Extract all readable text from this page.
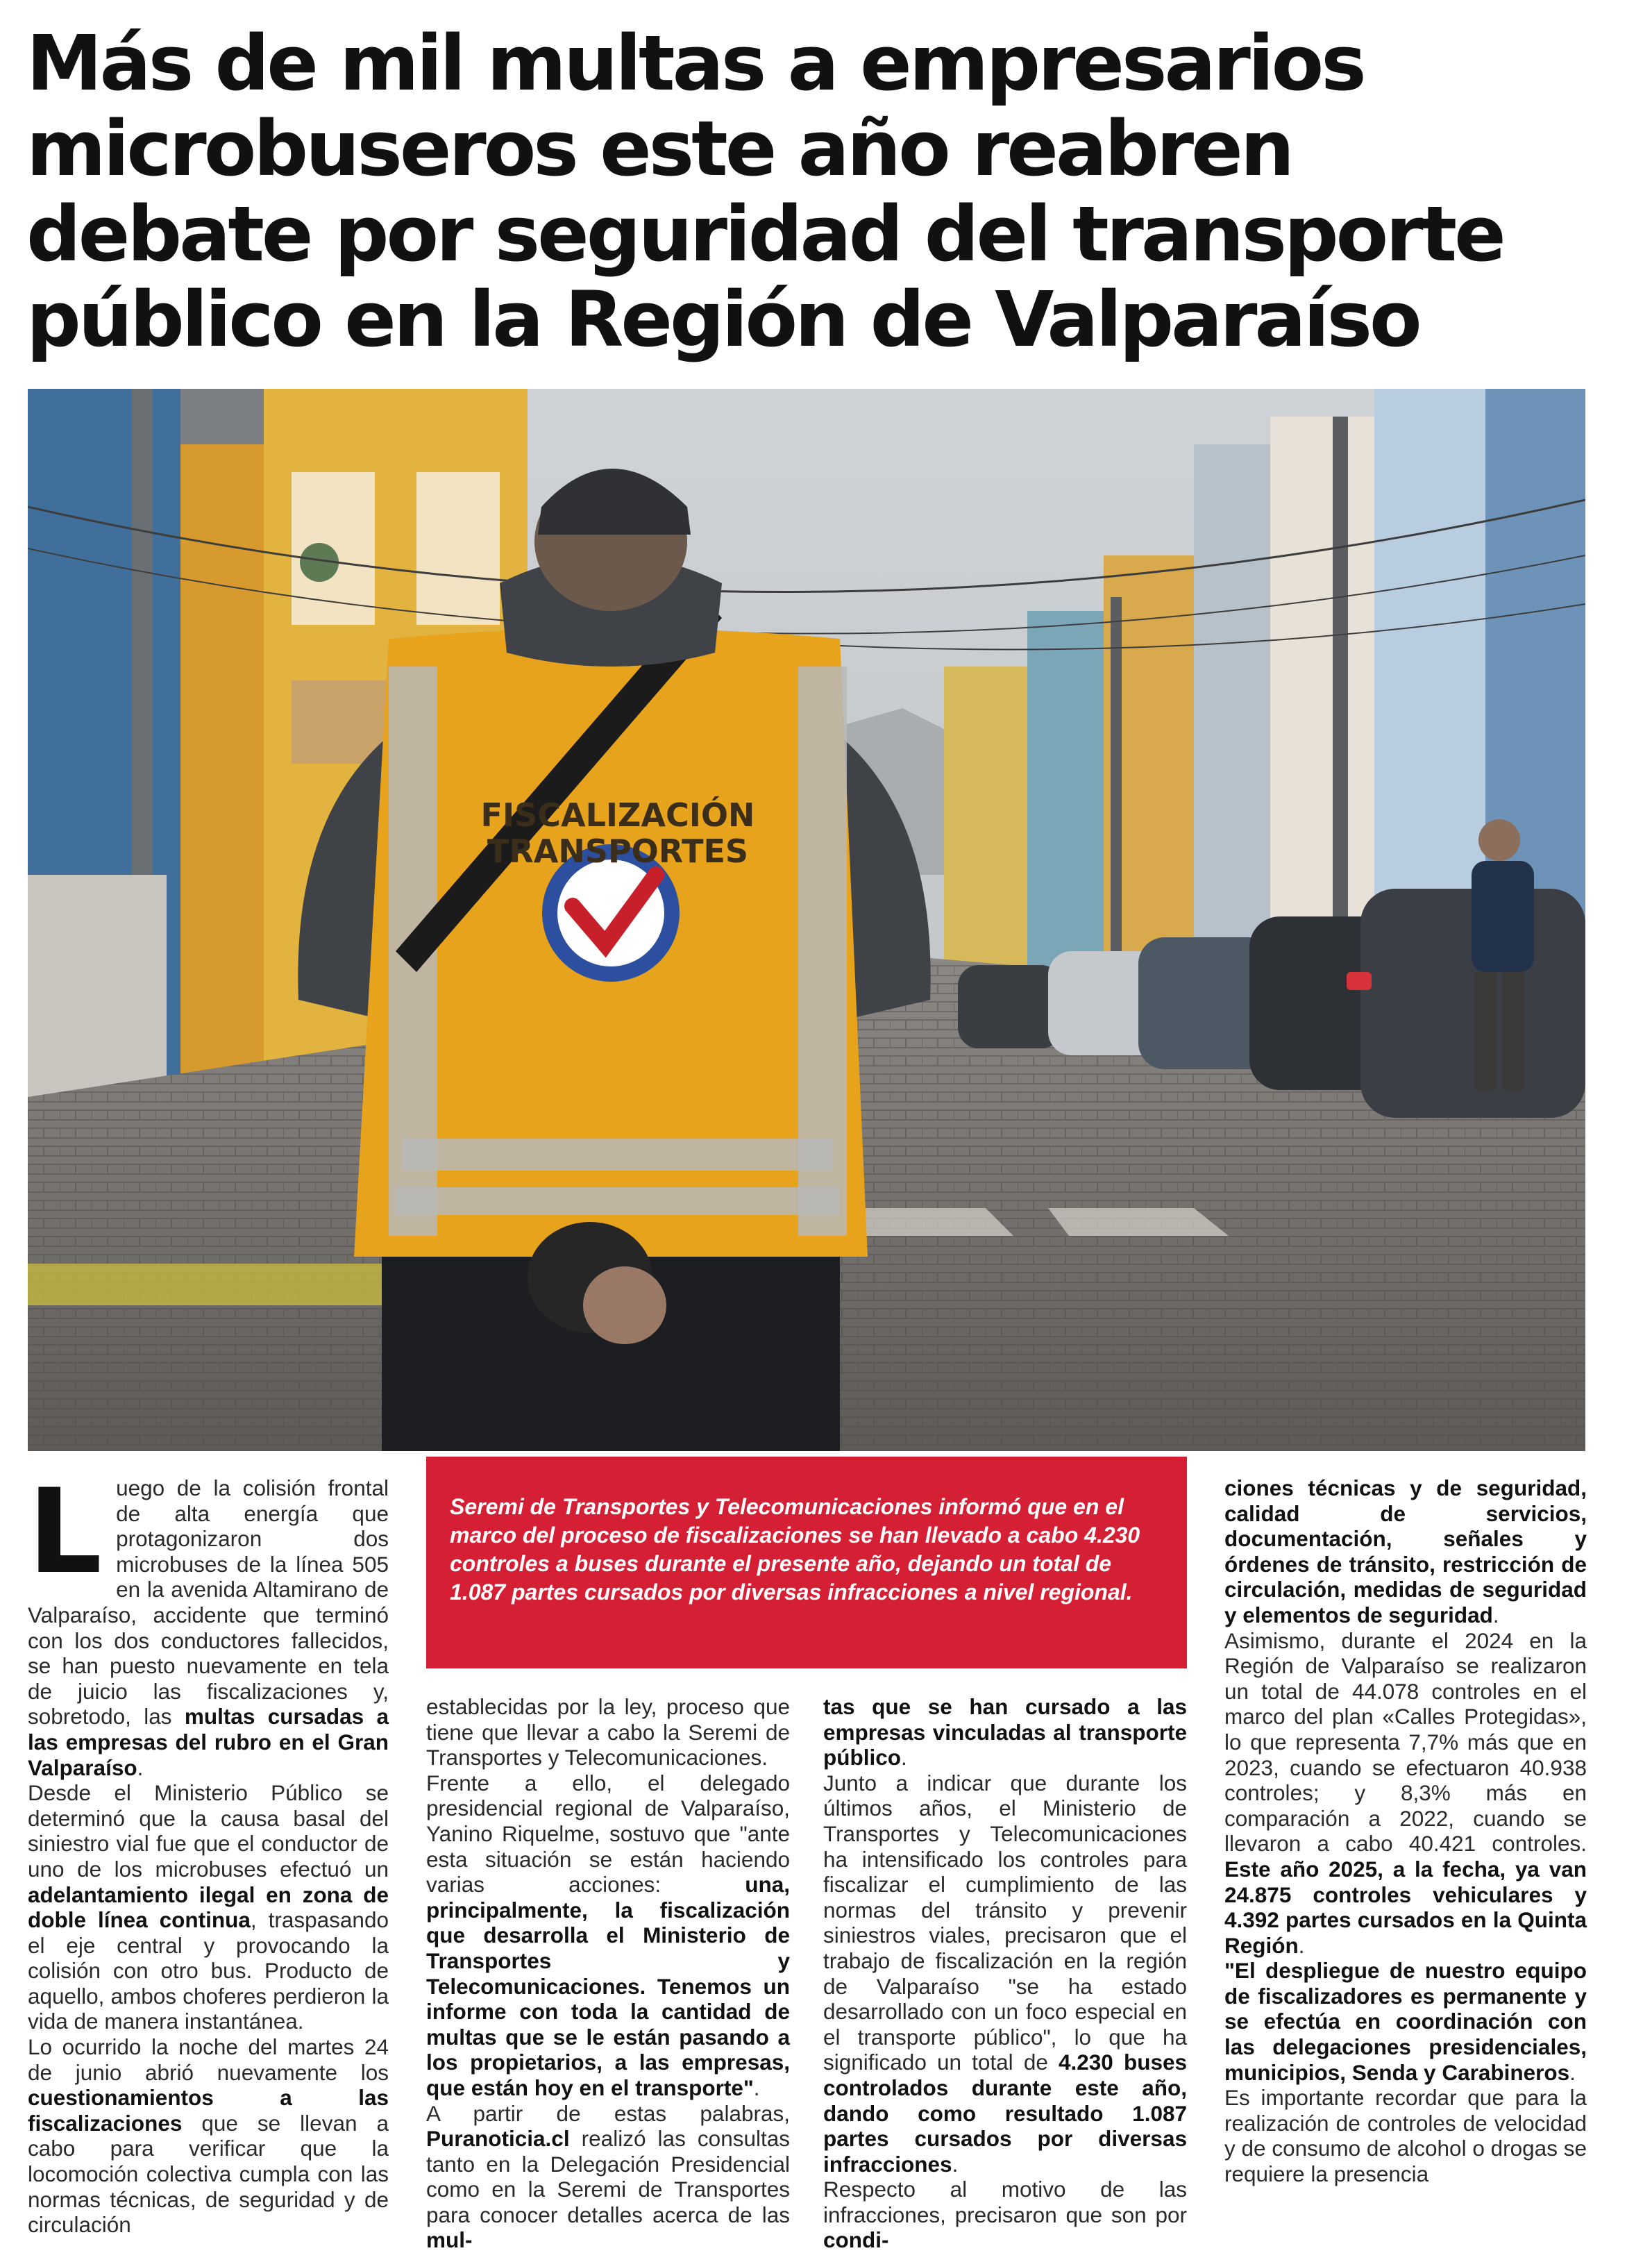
Más de mil multas a empresarios microbuseros este año reabren debate por seguridad del transporte público en la Región de Valparaíso
FISCALIZACIÓN
TRANSPORTES
Seremi de Transportes y Telecomunicaciones informó que en el marco del proceso de fiscalizaciones se han llevado a cabo 4.230 controles a buses durante el presente año, dejando un total de 1.087 partes cursados por diversas infracciones a nivel regional.

Luego de la colisión frontal de alta energía que protagonizaron dos microbuses de la línea 505 en la avenida Altamirano de Valparaíso, accidente que terminó con los dos conductores fallecidos, se han puesto nuevamente en tela de juicio las fiscalizaciones y, sobretodo, las multas cursadas a las empresas del rubro en el Gran Valparaíso.

Desde el Ministerio Público se determinó que la causa basal del siniestro vial fue que el conductor de uno de los microbuses efectuó un adelantamiento ilegal en zona de doble línea continua, traspasando el eje central y provocando la colisión con otro bus. Producto de aquello, ambos choferes perdieron la vida de manera instantánea.

Lo ocurrido la noche del martes 24 de junio abrió nuevamente los cuestionamientos a las fiscalizaciones que se llevan a cabo para verificar que la locomoción colectiva cumpla con las normas técnicas, de seguridad y de circulación

establecidas por la ley, proceso que tiene que llevar a cabo la Seremi de Transportes y Telecomunicaciones.

Frente a ello, el delegado presidencial regional de Valparaíso, Yanino Riquelme, sostuvo que "ante esta situación se están haciendo varias acciones: una, principalmente, la fiscalización que desarrolla el Ministerio de Transportes y Telecomunicaciones. Tenemos un informe con toda la cantidad de multas que se le están pasando a los propietarios, a las empresas, que están hoy en el transporte".

A partir de estas palabras, Puranoticia.cl realizó las consultas tanto en la Delegación Presidencial como en la Seremi de Transportes para conocer detalles acerca de las mul-

tas que se han cursado a las empresas vinculadas al transporte público.

Junto a indicar que durante los últimos años, el Ministerio de Transportes y Telecomunicaciones ha intensificado los controles para fiscalizar el cumplimiento de las normas del tránsito y prevenir siniestros viales, precisaron que el trabajo de fiscalización en la región de Valparaíso "se ha estado desarrollado con un foco especial en el transporte público", lo que ha significado un total de 4.230 buses controlados durante este año, dando como resultado 1.087 partes cursados por diversas infracciones.

Respecto al motivo de las infracciones, precisaron que son por condi-

ciones técnicas y de seguridad, calidad de servicios, documentación, señales y órdenes de tránsito, restricción de circulación, medidas de seguridad y elementos de seguridad.

Asimismo, durante el 2024 en la Región de Valparaíso se realizaron un total de 44.078 controles en el marco del plan «Calles Protegidas», lo que representa 7,7% más que en 2023, cuando se efectuaron 40.938 controles; y 8,3% más en comparación a 2022, cuando se llevaron a cabo 40.421 controles. Este año 2025, a la fecha, ya van 24.875 controles vehiculares y 4.392 partes cursados en la Quinta Región.

"El despliegue de nuestro equipo de fiscalizadores es permanente y se efectúa en coordinación con las delegaciones presidenciales, municipios, Senda y Carabineros.

Es importante recordar que para la realización de controles de velocidad y de consumo de alcohol o drogas se requiere la presencia
